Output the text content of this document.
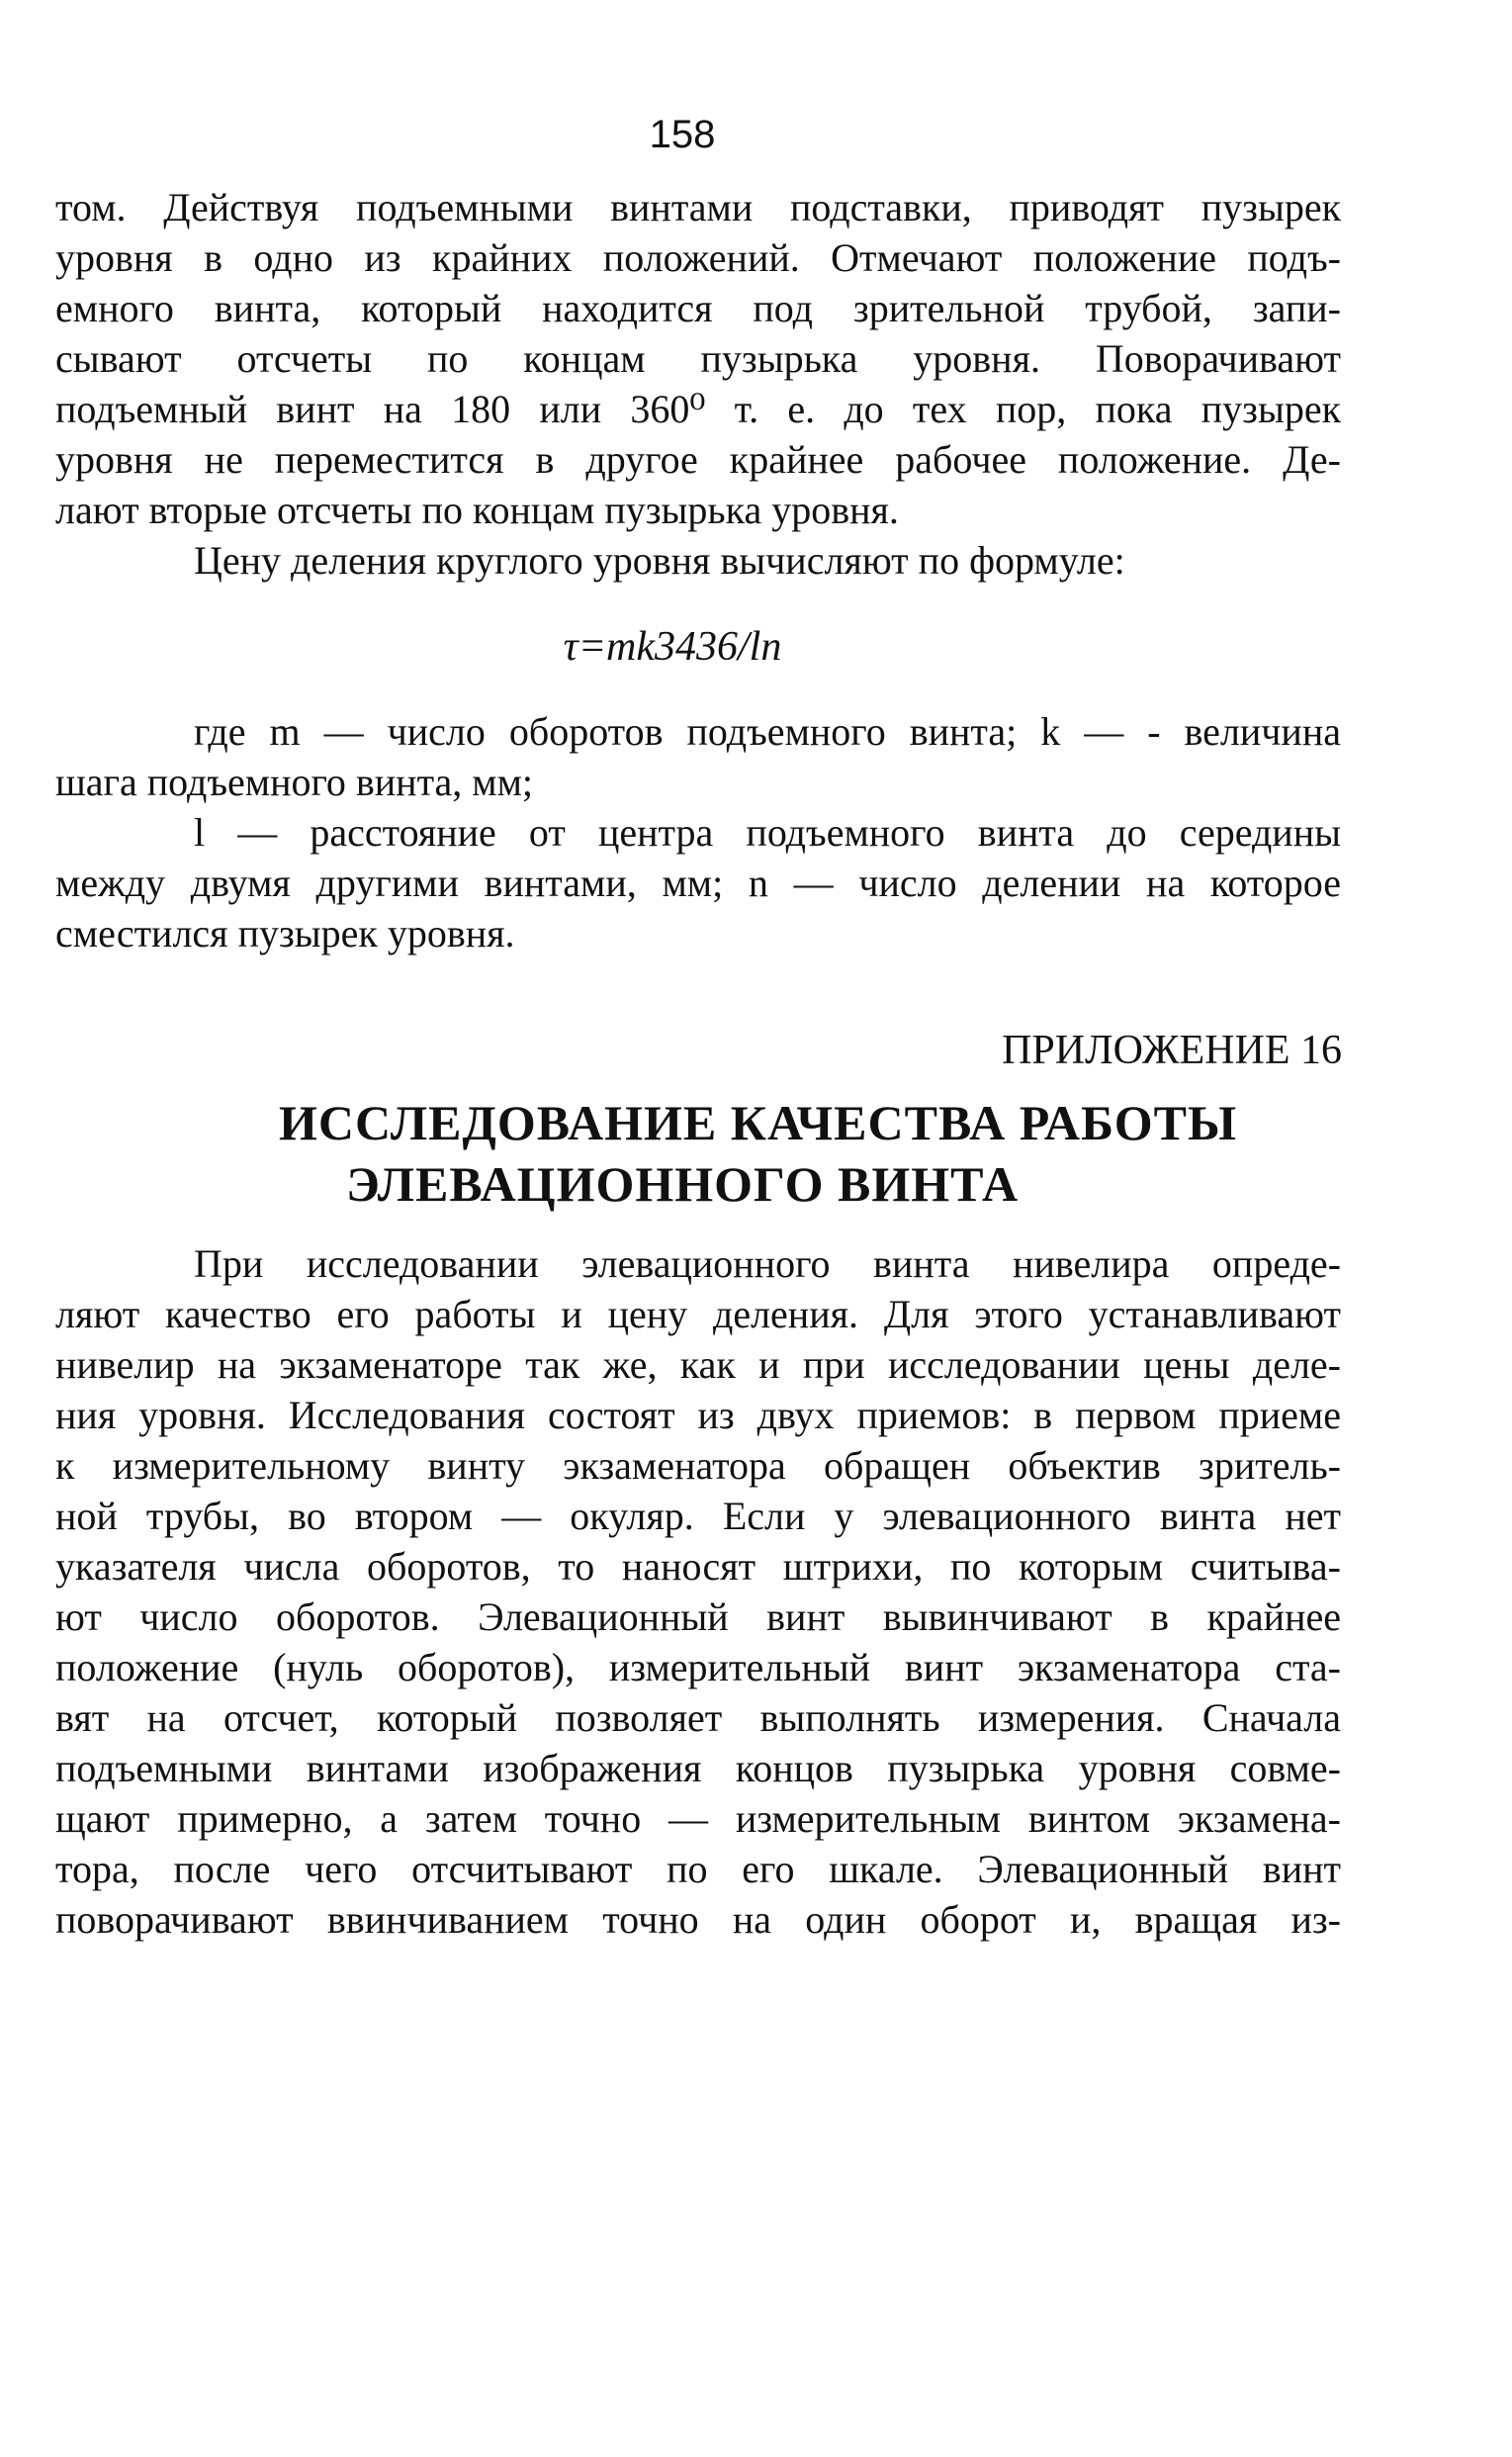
158
том. Действуя подъемными винтами подставки, приводят пузырек
уровня в одно из крайних положений. Отмечают положение подъ-
емного винта, который находится под зрительной трубой, запи-
сывают отсчеты по концам пузырька уровня. Поворачивают
подъемный винт на 180 или 360⁰ т. е. до тех пор, пока пузырек
уровня не переместится в другое крайнее рабочее положение. Де-
лают вторые отсчеты по концам пузырька уровня.
Цену деления круглого уровня вычисляют по формуле:
τ=mk3436/ln
где m — число оборотов подъемного винта; k — - величина
шага подъемного винта, мм;
l — расстояние от центра подъемного винта до середины
между двумя другими винтами, мм; n — число делении на которое
сместился пузырек уровня.
ПРИЛОЖЕНИЕ 16
ИССЛЕДОВАНИЕ КАЧЕСТВА РАБОТЫ
ЭЛЕВАЦИОННОГО ВИНТА
При исследовании элевационного винта нивелира опреде-
ляют качество его работы и цену деления. Для этого устанавливают
нивелир на экзаменаторе так же, как и при исследовании цены деле-
ния уровня. Исследования состоят из двух приемов: в первом приеме
к измерительному винту экзаменатора обращен объектив зритель-
ной трубы, во втором — окуляр. Если у элевационного винта нет
указателя числа оборотов, то наносят штрихи, по которым считыва-
ют число оборотов. Элевационный винт вывинчивают в крайнее
положение (нуль оборотов), измерительный винт экзаменатора ста-
вят на отсчет, который позволяет выполнять измерения. Сначала
подъемными винтами изображения концов пузырька уровня совме-
щают примерно, а затем точно — измерительным винтом экзамена-
тора, после чего отсчитывают по его шкале. Элевационный винт
поворачивают ввинчиванием точно на один оборот и, вращая из-
